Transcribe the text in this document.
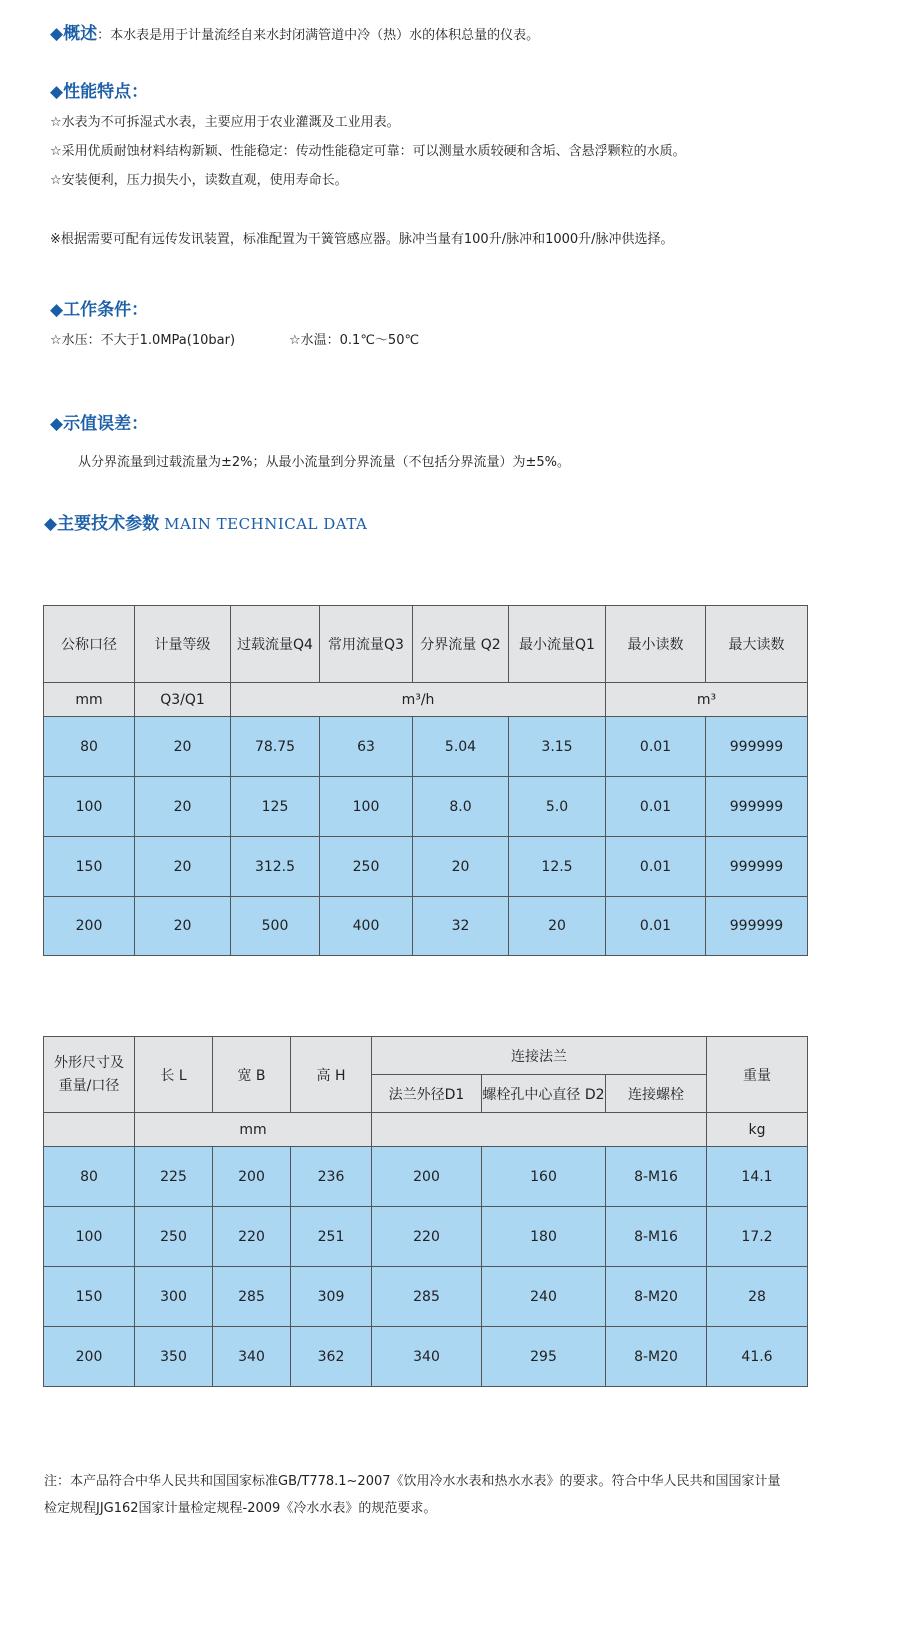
◆概述：本水表是用于计量流经自来水封闭满管道中冷（热）水的体积总量的仪表。
◆性能特点：
☆水表为不可拆湿式水表，主要应用于农业灌溉及工业用表。
☆采用优质耐蚀材料结构新颖、性能稳定：传动性能稳定可靠：可以测量水质较硬和含垢、含悬浮颗粒的水质。
☆安装便利，压力损失小，读数直观，使用寿命长。
※根据需要可配有远传发讯装置，标准配置为干簧管感应器。脉冲当量有100升/脉冲和1000升/脉冲供选择。
◆工作条件：
☆水压：不大于1.0MPa(10bar)	☆水温：0.1℃～50℃
◆示值误差：
从分界流量到过载流量为±2%；从最小流量到分界流量（不包括分界流量）为±5%。
◆主要技术参数 MAIN TECHNICAL DATA
公称口径	计量等级	过载流量Q4	常用流量Q3	分界流量 Q2	最小流量Q1	最小读数	最大读数
mm	Q3/Q1	m³/h				m³	
80	20	78.75	63	5.04	3.15	0.01	999999
100	20	125	100	8.0	5.0	0.01	999999
150	20	312.5	250	20	12.5	0.01	999999
200	20	500	400	32	20	0.01	999999
外形尺寸及
重量/口径	长 L	宽 B	高 H	连接法兰			重量
				法兰外径D1	螺栓孔中心直径 D2	连接螺栓	
	mm						kg
80	225	200	236	200	160	8-M16	14.1
100	250	220	251	220	180	8-M16	17.2
150	300	285	309	285	240	8-M20	28
200	350	340	362	340	295	8-M20	41.6
注：本产品符合中华人民共和国国家标准GB/T778.1~2007《饮用冷水水表和热水水表》的要求。符合中华人民共和国国家计量
检定规程JJG162国家计量检定规程-2009《冷水水表》的规范要求。
